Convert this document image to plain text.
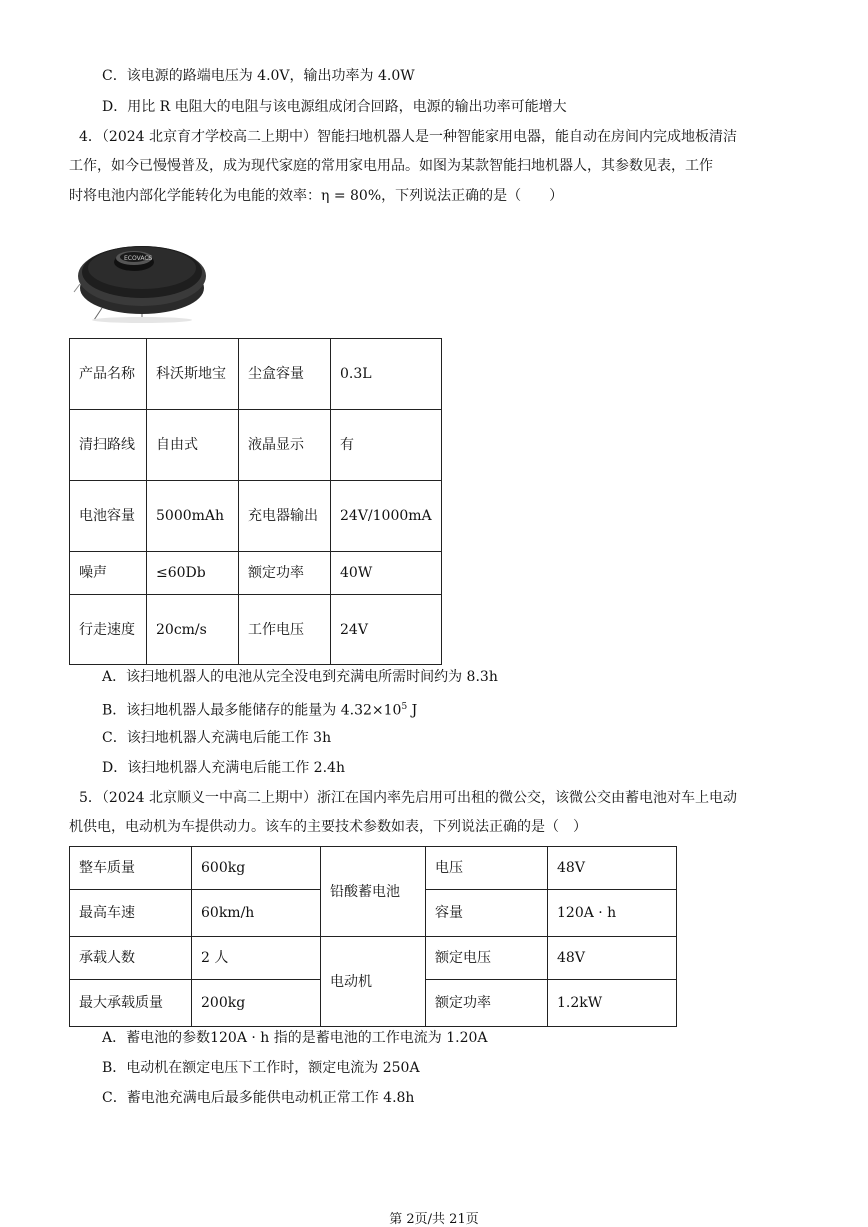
C．该电源的路端电压为 4.0V，输出功率为 4.0W
D．用比 R 电阻大的电阻与该电源组成闭合回路，电源的输出功率可能增大
4．（2024 北京育才学校高二上期中）智能扫地机器人是一种智能家用电器，能自动在房间内完成地板清洁
工作，如今已慢慢普及，成为现代家庭的常用家电用品。如图为某款智能扫地机器人，其参数见表，工作
时将电池内部化学能转化为电能的效率：η = 80%，下列说法正确的是（　　）
ECOVACS
产品名称	科沃斯地宝	尘盒容量	0.3L
清扫路线	自由式	液晶显示	有
电池容量	5000mAh	充电器输出	24V/1000mA
噪声	≤60Db	额定功率	40W
行走速度	20cm/s	工作电压	24V
A．该扫地机器人的电池从完全没电到充满电所需时间约为 8.3h
B．该扫地机器人最多能储存的能量为 $4.32\times 10^5$ J
C．该扫地机器人充满电后能工作 3h
D．该扫地机器人充满电后能工作 2.4h
5．（2024 北京顺义一中高二上期中）浙江在国内率先启用可出租的微公交，该微公交由蓄电池对车上电动
机供电，电动机为车提供动力。该车的主要技术参数如表，下列说法正确的是（　）
整车质量	600kg	铅酸蓄电池	电压	48V
最高车速	60km/h		容量	120A · h
承载人数	2 人	电动机	额定电压	48V
最大承载质量	200kg		额定功率	1.2kW
A．蓄电池的参数120A · h 指的是蓄电池的工作电流为 1.20A
B．电动机在额定电压下工作时，额定电流为 250A
C．蓄电池充满电后最多能供电动机正常工作 4.8h
第 2页/共 21页
